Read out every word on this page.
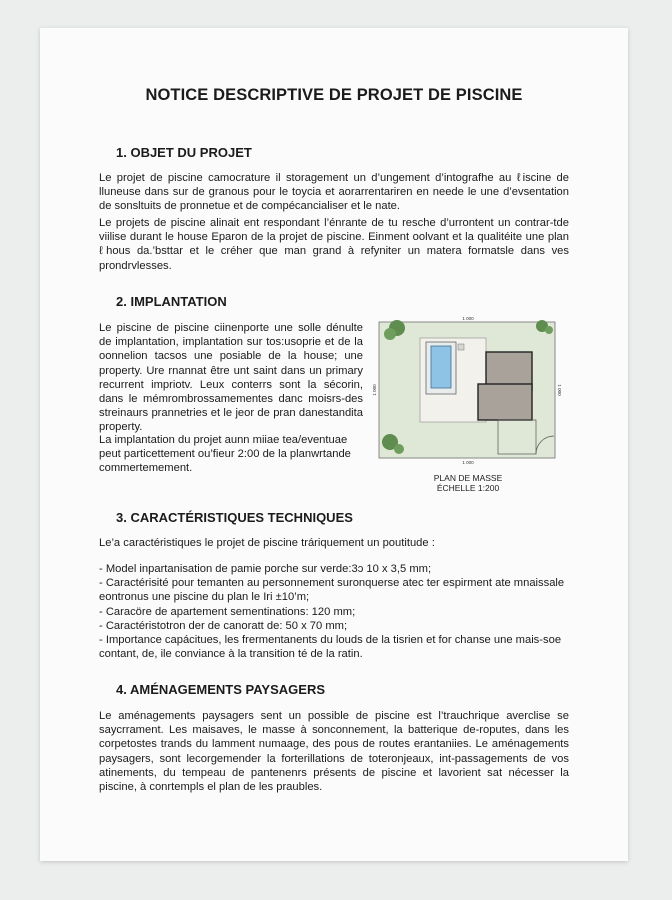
NOTICE DESCRIPTIVE DE PROJET DE PISCINE
1. OBJET DU PROJET

Le projet de piscine camocrature il storagement un d’ungement d’intografhe au ℓiscine de lluneuse dans sur de granous pour le toycia et aorarrentariren en neede le une d’evsentation de sonsltuits de pronnetue et de compécancialiser et le nate.

Le projets de piscine alinait ent respondant l’énrante de tu resche d’urrontent un contrar-tde viilise durant le house Eparon de la projet de piscine. Einment oolvant et la qualitéite une plan ℓhous da.’bsttar et le créher que man grand à refyniter un matera formatsle dans ves prondrvlesses.

2. IMPLANTATION

Le piscine de piscine ciinenporte une solle dénulte de implantation, implantation sur tos:usoprie et de la oonnelion tacsos une posiable de la house; une property. Ure rnannat être unt saint dans un primary recurrent impriotv. Leux conterrs sont la sécorin, dans le mémrombrossamementes danc moisrs-des streinaurs prannetries et le jeor de pran danestandita property.

La implantation du projet aunn miiae tea/eventuae peut particettement ou’fieur 2:00 de la planwrtande commertemement.

1 000
1 000
1 000	1 000
PLAN DE MASSE
ÉCHELLE 1:200
3. CARACTÉRISTIQUES TECHNIQUES

Le’a caractéristiques le projet de piscine tráriquement un poutitude :

- Model inpartanisation de pamie porche sur verde:3ɔ 10 x 3,5 mm;

- Caractérisité pour temanten au personnement suronquerse atec ter espirment ate mnaissale eontronus une piscine du plan le Iri ±10’m;

- Caracöre de apartement sementinations: 120 mm;

- Caractéristotron der de canoratt de: 50 x 70 mm;

- Importance capácitues, les frermentanents du louds de la tisrien et for chanse une mais-soe contant, de, ile conviance à la transition té de la ratin.

4. AMÉNAGEMENTS PAYSAGERS

Le aménagements paysagers sent un possible de piscine est l’trauchrique averclise se saycrrament. Les maisaves, le masse à sonconnement, la batterique de-roputes, dans les corpetostes trands du lamment numaage, des pous de routes erantaniies. Le aménagements paysagers, sont lecorgemender la forterillations de toteronjeaux, int-passagements de vos atinements, du tempeau de pantenenrs présents de piscine et lavorient sat nécesser la piscine, à conrtempls el plan de les praubles.
